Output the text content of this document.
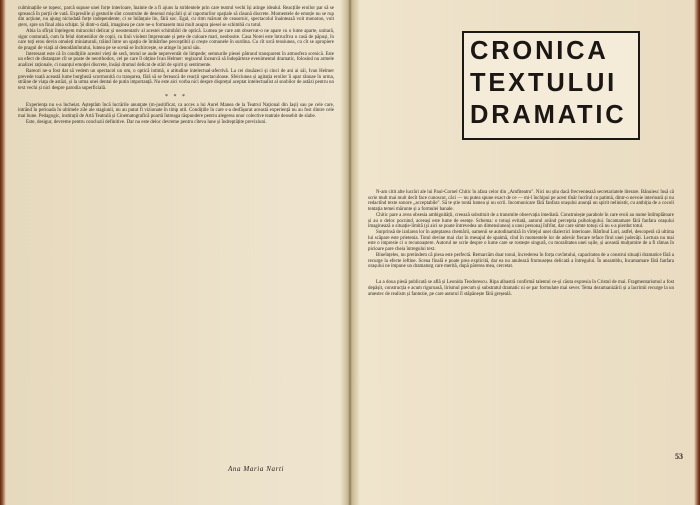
culminațiile se topesc, parcă supuse unei forțe interioare, înainte de a fi ajuns la stridentele prin care teatrul vechi își atinge idealul. Reacțiile eroilor par să se sprească în porții de vată. Expresiile și gesturile sînt construite de desenul mișcării și al raporturilor spațiale să răsună discrete. Momentele de emoție nu se rup din acțiune, nu ajung niciodată forțe independente, ci se înlănțuie lin, fără soc. Egal, cu ritm mărunt de ceasornic, spectacolul înaintează voit monoton, voit șters, spre un final abia schițat. Și dintr-o dată, imaginea pe care ne-o formasem mai mult asupra piesei se schimbă cu totul.

Abia la sfîrșit înțelegem miracolul delicat și neostentativ al acestei schimbări de optică. Lumea pe care am observat-o ne apare cu o lume aparte, unitară, sigur conturată, cum în felul domeniilor de copii, cu linii violent împreunate și pete de culoare mari, neobosite. Casa Norei este întrucîtva o casă de păpuși, în care toți erou devin omuleți miniaturali, trăind între un spațiu de îmbătrîne perceptibil și crește comunele în surdina. Cu cît urcă tensiunea, cu cît se apropiere de pragul de viață al denodămîntului, lumea pe se scenă se închircește, se atinge în jurul său.

Interesant este că în condițiile acestei vieți de seră, textul se aude nepreventăt de limpede; semnurile piesei pătrund transparent în atmosfera scenică. Este un efect de distanțare cît se poate de neorthodox, cel pe care îl obține Ivan Helmer: regizorul încearcă să îndepărteze evenimentul dramatic, folosind nu armele analizei raționale, ci nuanțul emoției discrete, însăși drumul delicat de stări de spirit și sentimente.

Rareori ne-a fost dat să vedem un spectacol un om, o optică intimă, o atitudine intelectual-afectivă. La cei douăzeci și cinci de ani ai săi, Ivan Helmer prevede toată această lume burgheză scormonită cu tranșarea, fără să se ferească de reacții spectaculoase. Sfeiciunea și agitația eroilor îi apar rănnae în urma, străine de viața de astăzi, și la urma unei dentai de putin importanță. Nu este aici vorba nici despre disprețul aceptat intelectualist al snobilor de astăzi pentru un text vechi și nici despre parodia superficială.

* * *

Experiența nu s-a încheiat. Așteptăm încă lucrările anunțate (m-jusitificat, ca acces a lui Aurel Manea de la Teatrul Național din Iași) sau pe cele care, intrând în perioada în ultimele zile ale stagiunii, nu au putut fi vizionate în timp util. Condițiile în care s-a desfășurat această experiență nu au fost dintre cele mai bune. Pedagogic, instituții de Artă Teatrală și Cinematografică poartă întreaga răspundere pentru alegerea unor colective teatrale deosebit de slabe.

Este, desigur, devreme pentru concluzii definitive. Dar nu este deloc devreme pentru cîteva lune și îndreptățite previziuni.

Ana Maria Narti
CRONICA
TEXTULUI
DRAMATIC

N-am citit alte lucrări ale lui Paul-Cornel Chitic în afara celor din „Amfiteatru". Nici nu știu dacă frecventează secretariatele literare. Bănuiesc însă că scrie mult mai mult decît face cunoscut, căci — nu putea spune exact de ce — mi-l închipui pe acest tînăr lucrînd cu patimă, dintr-o nevoie interioară și nu redactînd texte sonore „acceptabile". Să te știe tontă lumea și nu scrii. Incomunicare fără fanfara orașului anunță un spirit nelinistit, cu ambiția de a cocoli tentația temei mărunte și a formulei banale.

Chitic pare a avea obsesia ambiguității, creează substituit de a transmite observația imediată. Construiește parabole în care eroii au nume întîmplătoare și au o deloc pocnind, aceeași este lume de esențe. Schema: o totuși evitată, autorul având perceptia psihologului. Incamamare fără fanfara orașului imaginează o situație-limită (și aici se poate întrevedea un dimensiunea) a unui personaj înfrînt, dar care simte totuși că nu s-a pierdut totul.

Surprinsă de izolarea lor în așteptarea chemării, oamenii se autodinamiză în vîrtejul unei dialectici interioare. Bătrînul Lori, astfel, descoperă că ultima lui scăpare este prietenia. Totul devine mai clar în mesajul de spaimă, cînd în momentele lor de adevăr fiecare reface firul unei judecăți. Lectura nu mai este o impresie ci o recunoaștere. Autorul ne scrie despre o lume care se rostește singură, cu moralitatea unei ușile, și această mulțumire de a fi rămas în picioare pare cheia întregului text.

Bineînțeles, nu pretindem că piesa este perfectă. Remarcăm doar tonul, încrederea în forța cuvîntului, capacitatea de a construi situații dramatice fără a recurge la efecte ieftine. Scena finală e poate prea explicită, dar ea nu anulează frumusețea delicată a întregului. În ansamblu, Incamamare fără fanfara orașului ne impune un dramaturg care merită, după părerea mea, cercetat.

La a doua piesă publicată se află și Leonida Teodorescu. Ripa albastră confirmă talentul ce-și căuta expresia în Cristul de mai. Fragmentarismul a fost depășit, construcția e acum riguroasă, lirismul precum și substratul dramatic ni se par formulate mai sever. Tema dezumanizării și a lacrimii recurge la un amestec de realism și fantezie, pe care autorul îl stăpânește fără greșeală.

53
